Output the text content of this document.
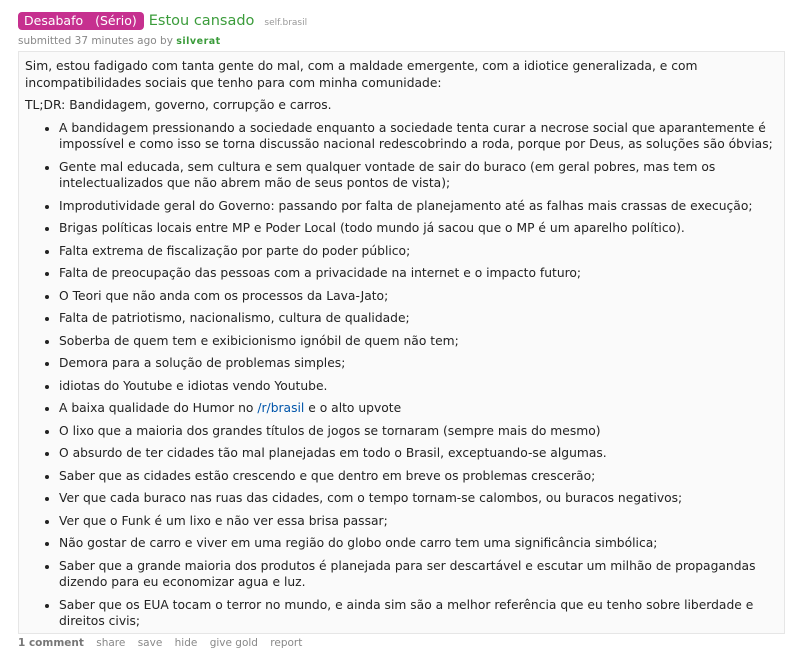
Desabafo (Sério) Estou cansado self.brasil
submitted 37 minutes ago by silverat

Sim, estou fadigado com tanta gente do mal, com a maldade emergente, com a idiotice generalizada, e com incompatibilidades sociais que tenho para com minha comunidade:

TL;DR: Bandidagem, governo, corrupção e carros.

• A bandidagem pressionando a sociedade enquanto a sociedade tenta curar a necrose social que aparantemente é impossível e como isso se torna discussão nacional redescobrindo a roda, porque por Deus, as soluções são óbvias;
• Gente mal educada, sem cultura e sem qualquer vontade de sair do buraco (em geral pobres, mas tem os intelectualizados que não abrem mão de seus pontos de vista);
• Improdutividade geral do Governo: passando por falta de planejamento até as falhas mais crassas de execução;
• Brigas políticas locais entre MP e Poder Local (todo mundo já sacou que o MP é um aparelho político).
• Falta extrema de fiscalização por parte do poder público;
• Falta de preocupação das pessoas com a privacidade na internet e o impacto futuro;
• O Teori que não anda com os processos da Lava-Jato;
• Falta de patriotismo, nacionalismo, cultura de qualidade;
• Soberba de quem tem e exibicionismo ignóbil de quem não tem;
• Demora para a solução de problemas simples;
• idiotas do Youtube e idiotas vendo Youtube.
• A baixa qualidade do Humor no /r/brasil e o alto upvote
• O lixo que a maioria dos grandes títulos de jogos se tornaram (sempre mais do mesmo)
• O absurdo de ter cidades tão mal planejadas em todo o Brasil, exceptuando-se algumas.
• Saber que as cidades estão crescendo e que dentro em breve os problemas crescerão;
• Ver que cada buraco nas ruas das cidades, com o tempo tornam-se calombos, ou buracos negativos;
• Ver que o Funk é um lixo e não ver essa brisa passar;
• Não gostar de carro e viver em uma região do globo onde carro tem uma significância simbólica;
• Saber que a grande maioria dos produtos é planejada para ser descartável e escutar um milhão de propagandas dizendo para eu economizar agua e luz.
• Saber que os EUA tocam o terror no mundo, e ainda sim são a melhor referência que eu tenho sobre liberdade e direitos civis;
1 comment share save hide give gold report
